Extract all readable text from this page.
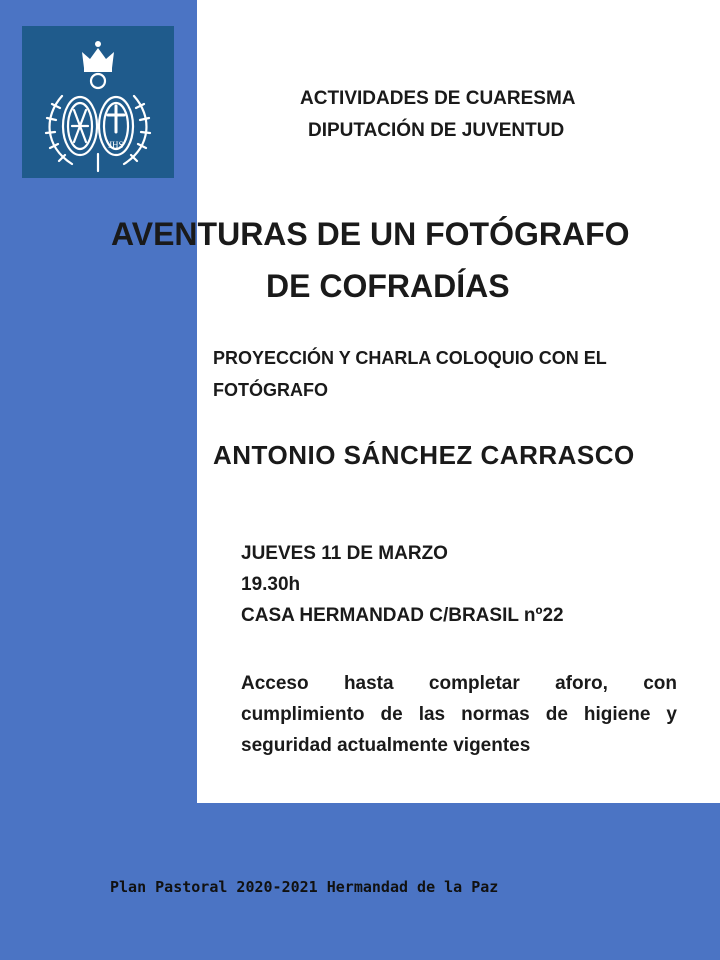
JHS
ACTIVIDADES DE CUARESMA
DIPUTACIÓN DE JUVENTUD
AVENTURAS DE UN FOTÓGRAFO
DE COFRADÍAS
PROYECCIÓN Y CHARLA COLOQUIO CON EL FOTÓGRAFO
ANTONIO SÁNCHEZ CARRASCO
JUEVES 11 DE MARZO
19.30h
CASA HERMANDAD C/BRASIL nº22
Acceso hasta completar aforo, con cumplimiento de las normas de higiene y seguridad actualmente vigentes
Plan Pastoral 2020-2021 Hermandad de la Paz
